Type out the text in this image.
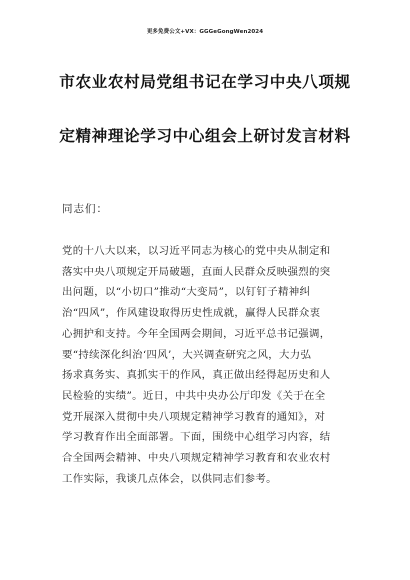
更多免费公文+VX：GGGeGongWen2024
市农业农村局党组书记在学习中央八项规
定精神理论学习中心组会上研讨发言材料
同志们：
党的十八大以来，以习近平同志为核心的党中央从制定和
落实中央八项规定开局破题，直面人民群众反映强烈的突
出问题，以“小切口”推动“大变局”，以钉钉子精神纠
治“四风”，作风建设取得历史性成就，赢得人民群众衷
心拥护和支持。今年全国两会期间，习近平总书记强调，
要“持续深化纠治‘四风’，大兴调查研究之风，大力弘
扬求真务实、真抓实干的作风，真正做出经得起历史和人
民检验的实绩”。近日，中共中央办公厅印发《关于在全
党开展深入贯彻中央八项规定精神学习教育的通知》，对
学习教育作出全面部署。下面，围绕中心组学习内容，结
合全国两会精神、中央八项规定精神学习教育和农业农村
工作实际，我谈几点体会，以供同志们参考。
